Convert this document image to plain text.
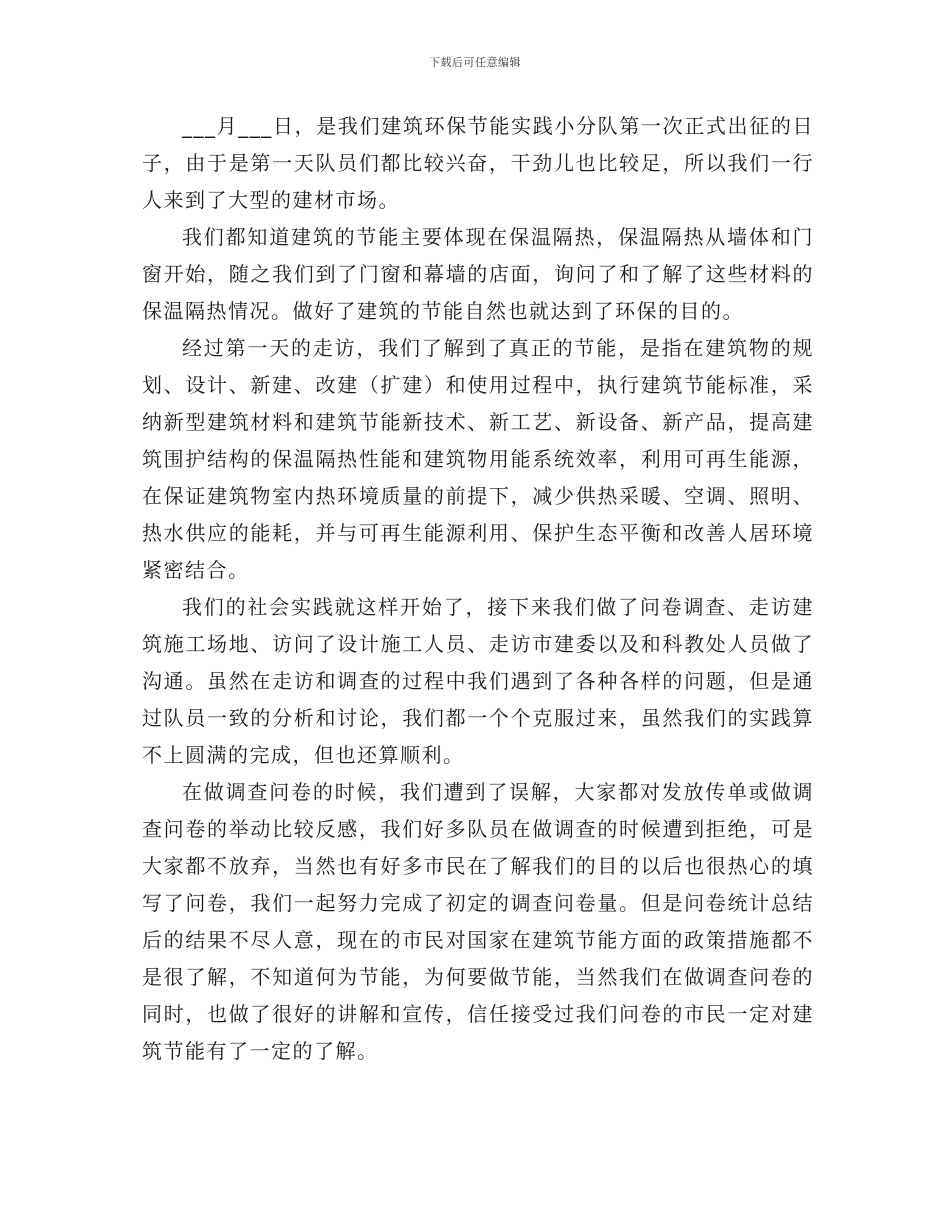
下载后可任意编辑

___月___日，是我们建筑环保节能实践小分队第一次正式出征的日子，由于是第一天队员们都比较兴奋，干劲儿也比较足，所以我们一行人来到了大型的建材市场。

我们都知道建筑的节能主要体现在保温隔热，保温隔热从墙体和门窗开始，随之我们到了门窗和幕墙的店面，询问了和了解了这些材料的保温隔热情况。做好了建筑的节能自然也就达到了环保的目的。

经过第一天的走访，我们了解到了真正的节能，是指在建筑物的规划、设计、新建、改建（扩建）和使用过程中，执行建筑节能标准，采纳新型建筑材料和建筑节能新技术、新工艺、新设备、新产品，提高建筑围护结构的保温隔热性能和建筑物用能系统效率，利用可再生能源，在保证建筑物室内热环境质量的前提下，减少供热采暖、空调、照明、热水供应的能耗，并与可再生能源利用、保护生态平衡和改善人居环境紧密结合。

我们的社会实践就这样开始了，接下来我们做了问卷调查、走访建筑施工场地、访问了设计施工人员、走访市建委以及和科教处人员做了沟通。虽然在走访和调查的过程中我们遇到了各种各样的问题，但是通过队员一致的分析和讨论，我们都一个个克服过来，虽然我们的实践算不上圆满的完成，但也还算顺利。

在做调查问卷的时候，我们遭到了误解，大家都对发放传单或做调查问卷的举动比较反感，我们好多队员在做调查的时候遭到拒绝，可是大家都不放弃，当然也有好多市民在了解我们的目的以后也很热心的填写了问卷，我们一起努力完成了初定的调查问卷量。但是问卷统计总结后的结果不尽人意，现在的市民对国家在建筑节能方面的政策措施都不是很了解，不知道何为节能，为何要做节能，当然我们在做调查问卷的同时，也做了很好的讲解和宣传，信任接受过我们问卷的市民一定对建筑节能有了一定的了解。
